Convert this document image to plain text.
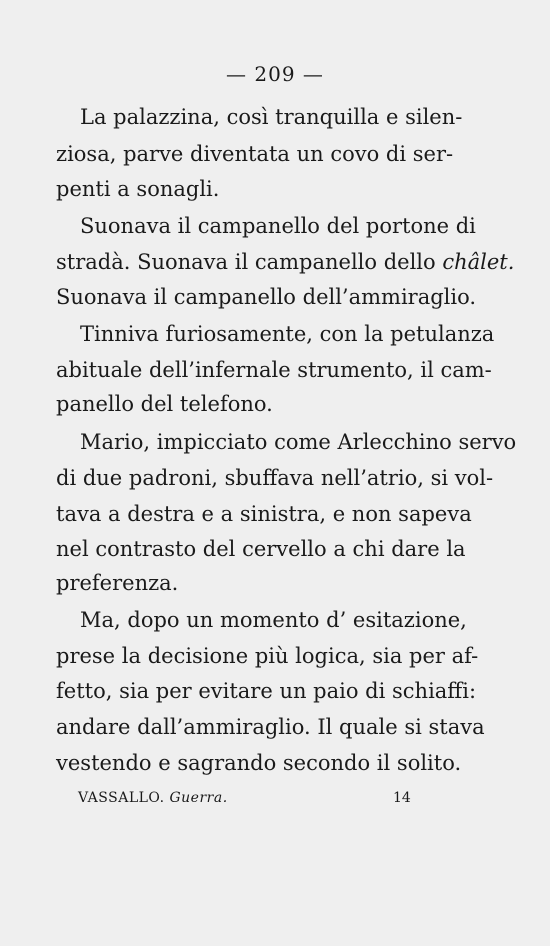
— 209 —
La palazzina, così tranquilla e silen-
ziosa, parve diventata un covo di ser-
penti a sonagli.
Suonava il campanello del portone di
stradà. Suonava il campanello dello châlet.
Suonava il campanello dell’ammiraglio.
Tinniva furiosamente, con la petulanza
abituale dell’infernale strumento, il cam-
panello del telefono.
Mario, impicciato come Arlecchino servo
di due padroni, sbuffava nell’atrio, si vol-
tava a destra e a sinistra, e non sapeva
nel contrasto del cervello a chi dare la
preferenza.
Ma, dopo un momento d’ esitazione,
prese la decisione più logica, sia per af-
fetto, sia per evitare un paio di schiaffi:
andare dall’ammiraglio. Il quale si stava
vestendo e sagrando secondo il solito.
VASSALLO. Guerra.	14
